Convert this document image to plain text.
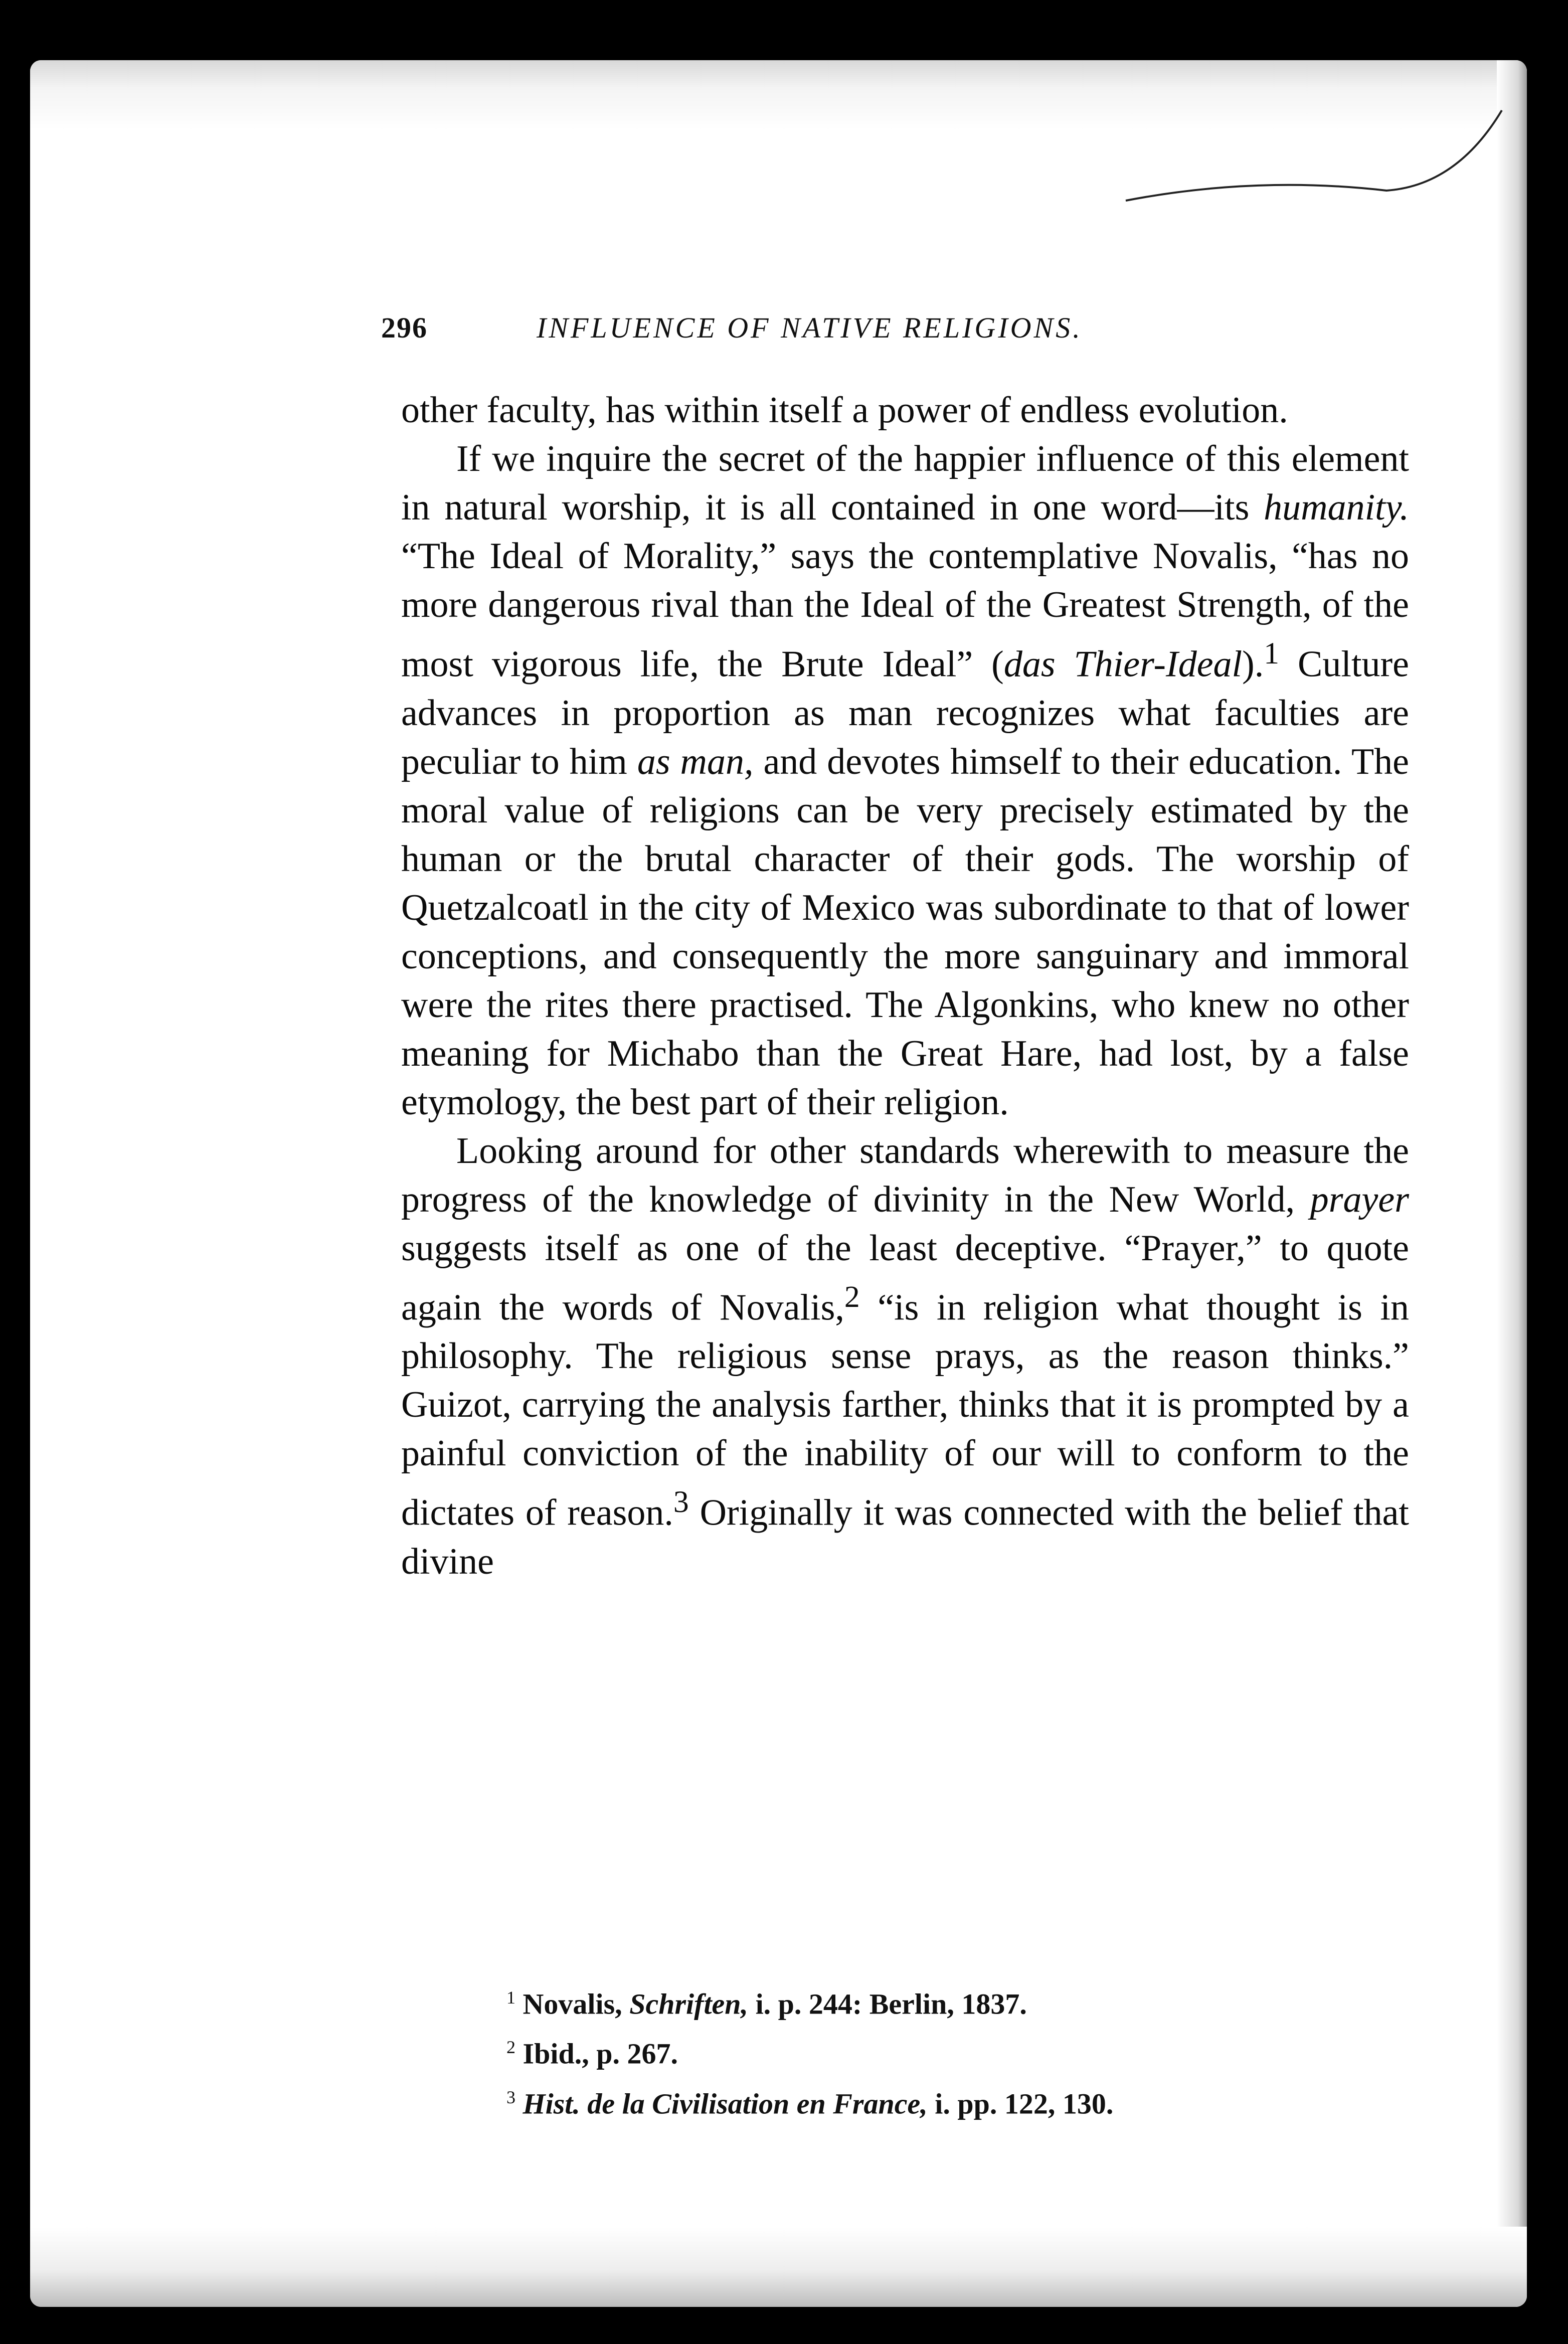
296	INFLUENCE OF NATIVE RELIGIONS.

other faculty, has within itself a power of endless evolution.

If we inquire the secret of the happier influence of this element in natural worship, it is all contained in one word—its humanity. “The Ideal of Morality,” says the contemplative Novalis, “has no more dangerous rival than the Ideal of the Greatest Strength, of the most vigorous life, the Brute Ideal” (das Thier-Ideal).$^1$ Culture advances in proportion as man recognizes what faculties are peculiar to him as man, and devotes himself to their education. The moral value of religions can be very precisely estimated by the human or the brutal character of their gods. The worship of Quetzalcoatl in the city of Mexico was subordinate to that of lower conceptions, and consequently the more sanguinary and immoral were the rites there practised. The Algonkins, who knew no other meaning for Michabo than the Great Hare, had lost, by a false etymology, the best part of their religion.

Looking around for other standards wherewith to measure the progress of the knowledge of divinity in the New World, prayer suggests itself as one of the least deceptive. “Prayer,” to quote again the words of Novalis,$^2$ “is in religion what thought is in philosophy. The religious sense prays, as the reason thinks.” Guizot, carrying the analysis farther, thinks that it is prompted by a painful conviction of the inability of our will to conform to the dictates of reason.$^3$ Originally it was connected with the belief that divine

$^1$ Novalis, Schriften, i. p. 244: Berlin, 1837.
$^2$ Ibid., p. 267.
$^3$ Hist. de la Civilisation en France, i. pp. 122, 130.
